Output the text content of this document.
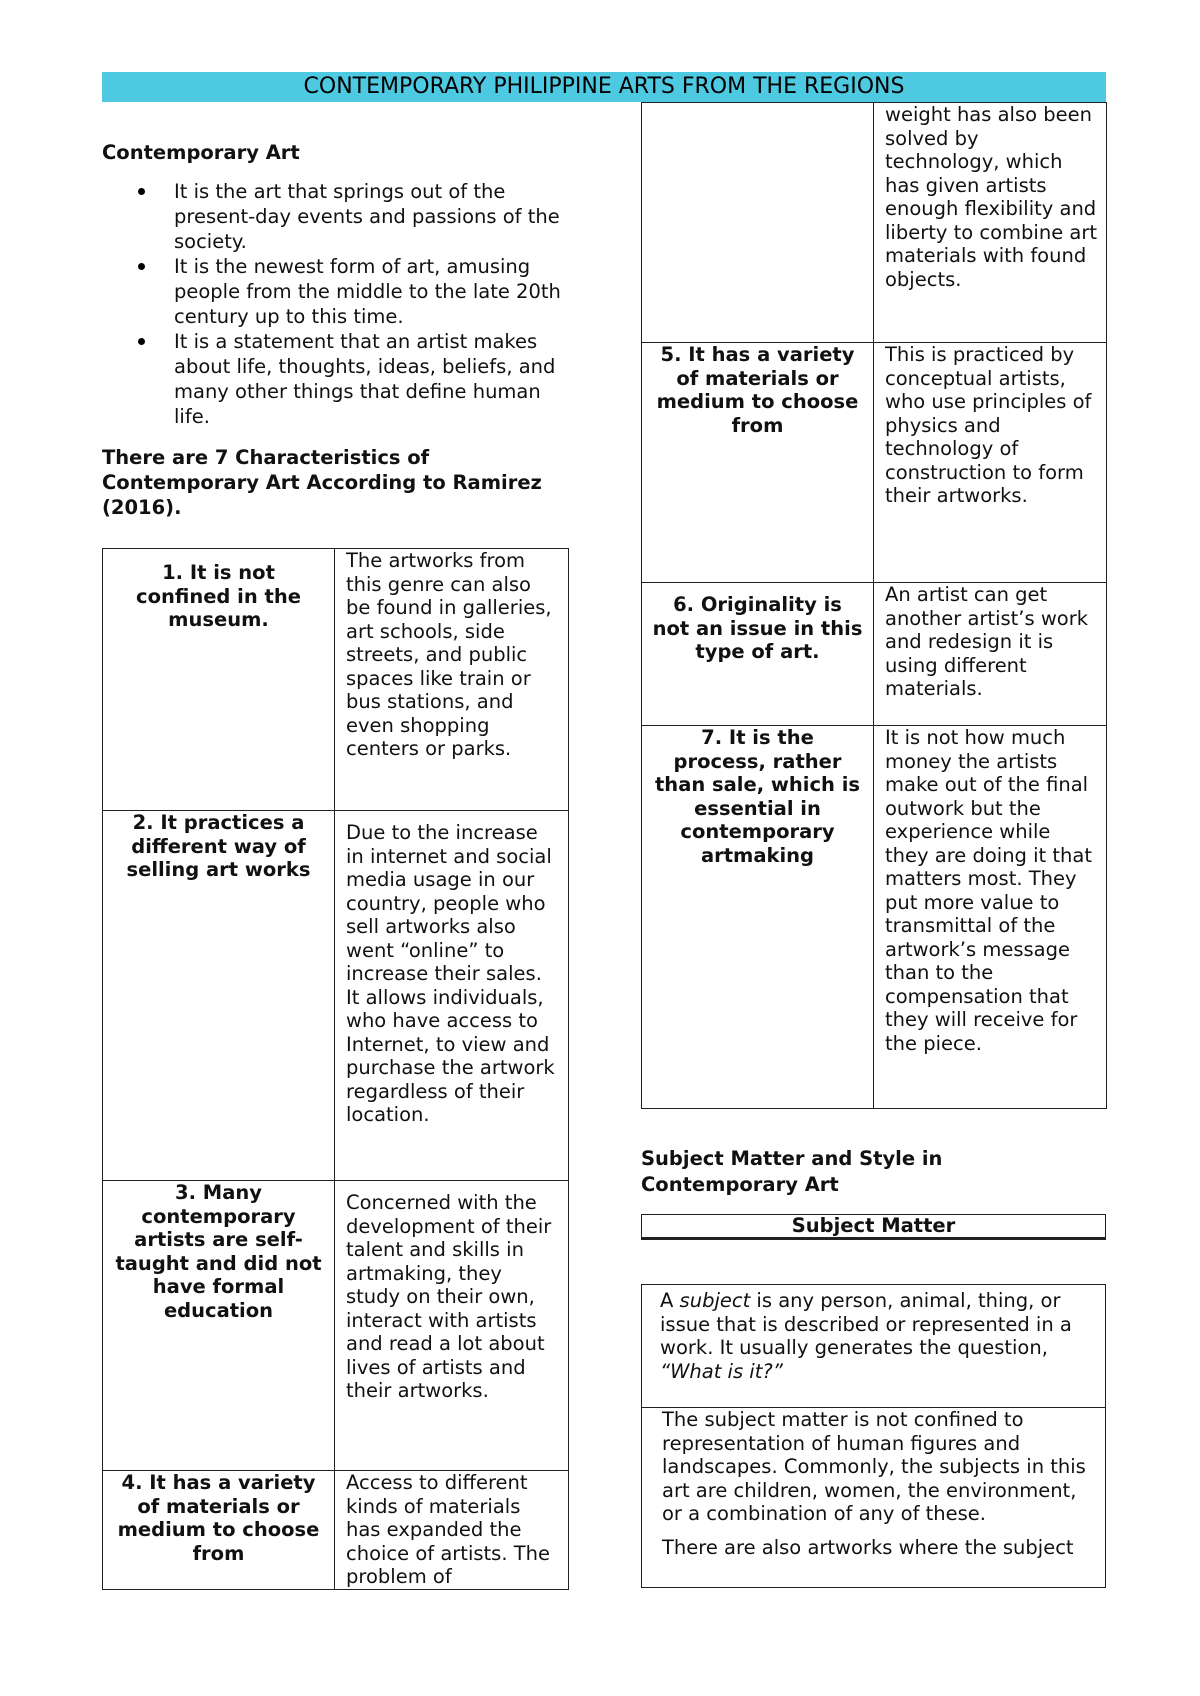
CONTEMPORARY PHILIPPINE ARTS FROM THE REGIONS
Contemporary Art
It is the art that springs out of the present-day events and passions of the society.
It is the newest form of art, amusing people from the middle to the late 20th century up to this time.
It is a statement that an artist makes about life, thoughts, ideas, beliefs, and many other things that define human life.
There are 7 Characteristics of Contemporary Art According to Ramirez (2016).
1. It is not confined in the museum.	The artworks from this genre can also be found in galleries, art schools, side streets, and public spaces like train or bus stations, and even shopping centers or parks.
2. It practices a different way of selling art works	Due to the increase in internet and social media usage in our country, people who sell artworks also went “online” to increase their sales. It allows individuals, who have access to Internet, to view and purchase the artwork regardless of their location.
3. Many contemporary artists are self-taught and did not have formal education	Concerned with the development of their talent and skills in artmaking, they study on their own, interact with artists and read a lot about lives of artists and their artworks.
4. It has a variety of materials or medium to choose from	Access to different kinds of materials has expanded the choice of artists. The problem of
	weight has also been solved by technology, which has given artists enough flexibility and liberty to combine art materials with found objects.
5. It has a variety of materials or medium to choose from	This is practiced by conceptual artists, who use principles of physics and technology of construction to form their artworks.
6. Originality is not an issue in this type of art.	An artist can get another artist’s work and redesign it is using different materials.
7. It is the process, rather than sale, which is essential in contemporary artmaking	It is not how much money the artists make out of the final outwork but the experience while they are doing it that matters most. They put more value to transmittal of the artwork’s message than to the compensation that they will receive for the piece.
Subject Matter and Style in Contemporary Art
Subject Matter
A subject is any person, animal, thing, or issue that is described or represented in a work. It usually generates the question, “What is it?”

The subject matter is not confined to representation of human figures and landscapes. Commonly, the subjects in this art are children, women, the environment, or a combination of any of these.

There are also artworks where the subject
